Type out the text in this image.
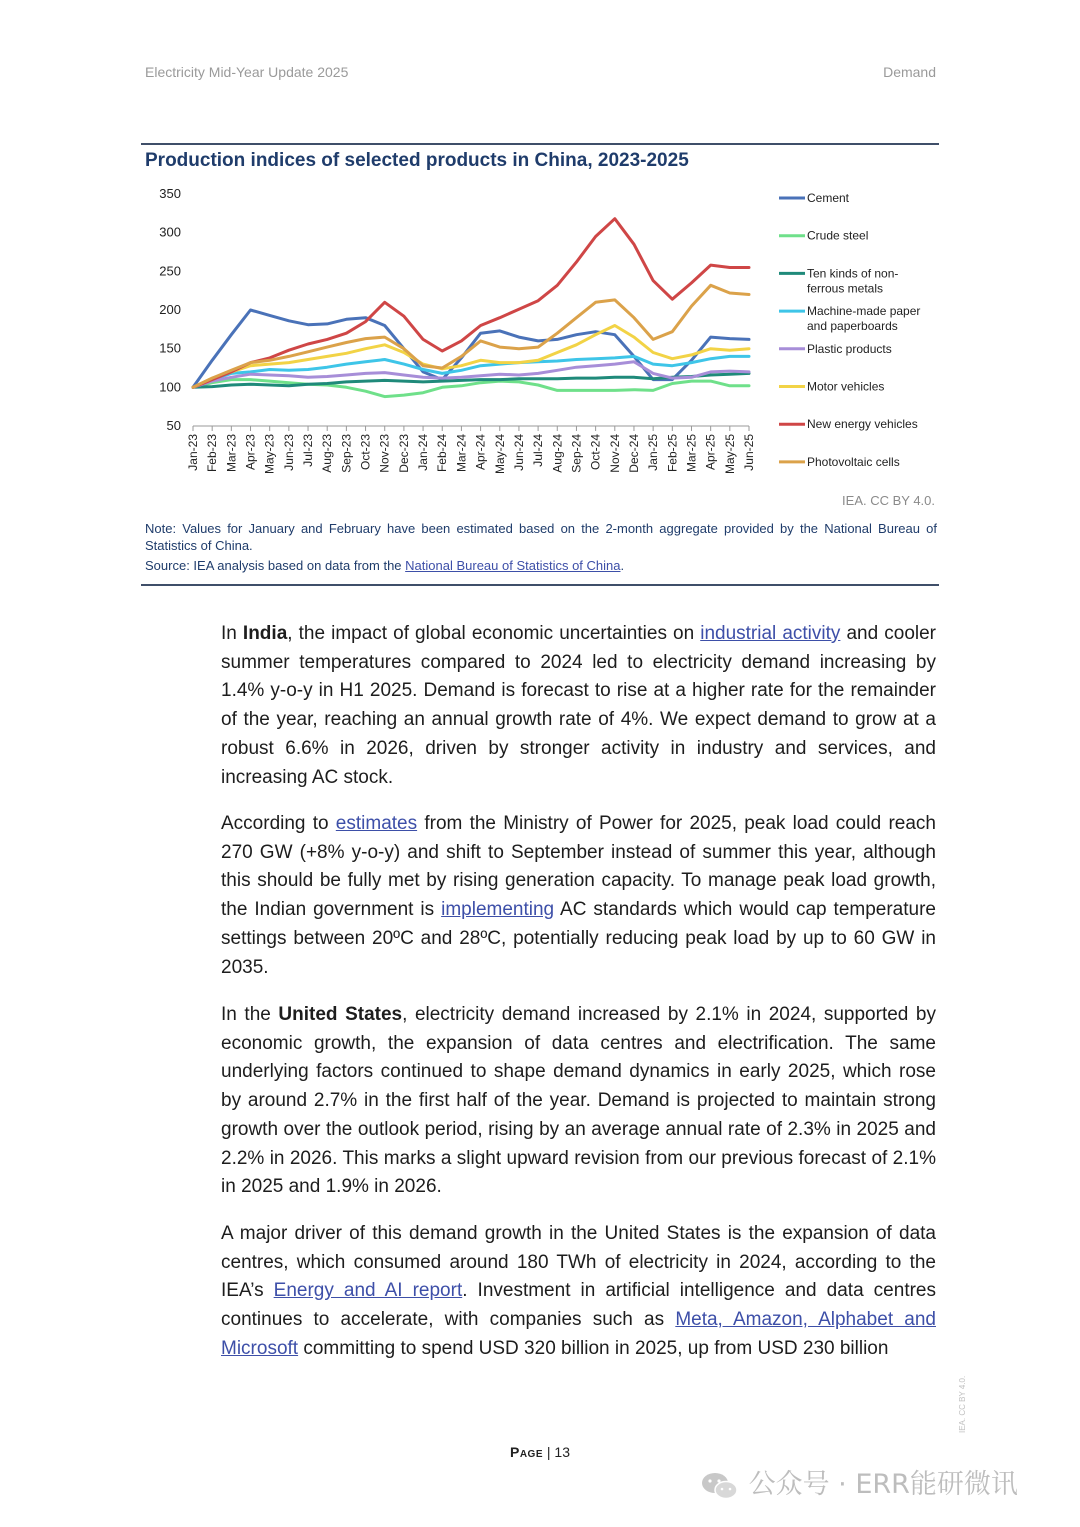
Electricity Mid-Year Update 2025	Demand
Production indices of selected products in China, 2023-2025
50
100
150
200
250
300
350
Jan-23 Feb-23 Mar-23 Apr-23 May-23 Jun-23 Jul-23 Aug-23 Sep-23 Oct-23 Nov-23 Dec-23 Jan-24 Feb-24 Mar-24 Apr-24 May-24 Jun-24 Jul-24 Aug-24 Sep-24 Oct-24 Nov-24 Dec-24 Jan-25 Feb-25 Mar-25 Apr-25 May-25 Jun-25
Cement
Crude steel
Ten kinds of non-ferrous metals
Machine-made paper and paperboards
Plastic products
Motor vehicles
New energy vehicles
Photovoltaic cells
IEA. CC BY 4.0.
Note: Values for January and February have been estimated based on the 2-month aggregate provided by the National Bureau of Statistics of China.
Source: IEA analysis based on data from the National Bureau of Statistics of China.
In India, the impact of global economic uncertainties on industrial activity and cooler summer temperatures compared to 2024 led to electricity demand increasing by 1.4% y-o-y in H1 2025. Demand is forecast to rise at a higher rate for the remainder of the year, reaching an annual growth rate of 4%. We expect demand to grow at a robust 6.6% in 2026, driven by stronger activity in industry and services, and increasing AC stock.
According to estimates from the Ministry of Power for 2025, peak load could reach 270 GW (+8% y-o-y) and shift to September instead of summer this year, although this should be fully met by rising generation capacity. To manage peak load growth, the Indian government is implementing AC standards which would cap temperature settings between 20ºC and 28ºC, potentially reducing peak load by up to 60 GW in 2035.
In the United States, electricity demand increased by 2.1% in 2024, supported by economic growth, the expansion of data centres and electrification. The same underlying factors continued to shape demand dynamics in early 2025, which rose by around 2.7% in the first half of the year. Demand is projected to maintain strong growth over the outlook period, rising by an average annual rate of 2.3% in 2025 and 2.2% in 2026. This marks a slight upward revision from our previous forecast of 2.1% in 2025 and 1.9% in 2026.
A major driver of this demand growth in the United States is the expansion of data centres, which consumed around 180 TWh of electricity in 2024, according to the IEA’s Energy and AI report. Investment in artificial intelligence and data centres continues to accelerate, with companies such as Meta, Amazon, Alphabet and Microsoft committing to spend USD 320 billion in 2025, up from USD 230 billion
IEA. CC BY 4.0.
Page | 13
公众号 · ERR能研微讯
